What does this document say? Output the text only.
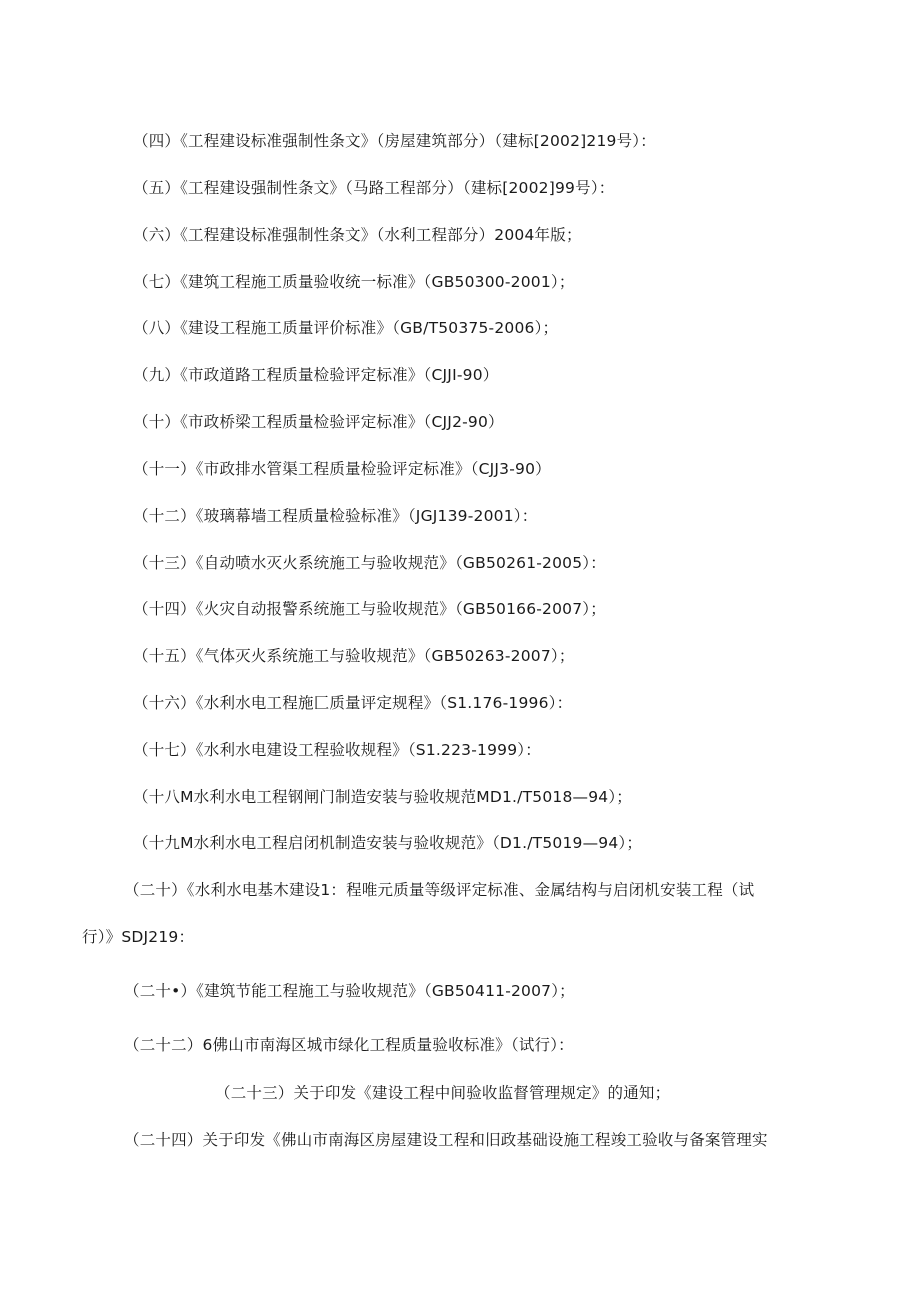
（四）《工程建设标准强制性条文》（房屋建筑部分）（建标[2002]219号）：
（五）《工程建设强制性条文》（马路工程部分）（建标[2002]99号）：
（六）《工程建设标准强制性条文》（水利工程部分）2004年版；
（七）《建筑工程施工质量验收统一标准》（GB50300-2001）；
（八）《建设工程施工质量评价标准》（GB/T50375-2006）；
（九）《市政道路工程质量检验评定标准》（CJJI-90）
（十）《市政桥梁工程质量检验评定标准》（CJJ2-90）
（十一）《市政排水管渠工程质量检验评定标准》（CJJ3-90）
（十二）《玻璃幕墙工程质量检验标准》（JGJ139-2001）：
（十三）《自动喷水灭火系统施工与验收规范》（GB50261-2005）：
（十四）《火灾自动报警系统施工与验收规范》（GB50166-2007）；
（十五）《气体灭火系统施工与验收规范》（GB50263-2007）；
（十六）《水利水电工程施匚质量评定规程》（S1.176-1996）：
（十七）《水利水电建设工程验收规程》（S1.223-1999）：
（十八M水利水电工程钢闸门制造安装与验收规范MD1./T5018—94）；
（十九M水利水电工程启闭机制造安装与验收规范》（D1./T5019—94）；
（二十）《水利水电基木建设1：程唯元质量等级评定标准、金属结构与启闭机安装工程（试
行）》SDJ219：
（二十•）《建筑节能工程施工与验收规范》（GB50411-2007）；
（二十二）6佛山市南海区城市绿化工程质量验收标准》（试行）：
（二十三）关于印发《建设工程中间验收监督管理规定》的通知；
（二十四）关于印发《佛山市南海区房屋建设工程和旧政基础设施工程竣工验收与备案管理实
